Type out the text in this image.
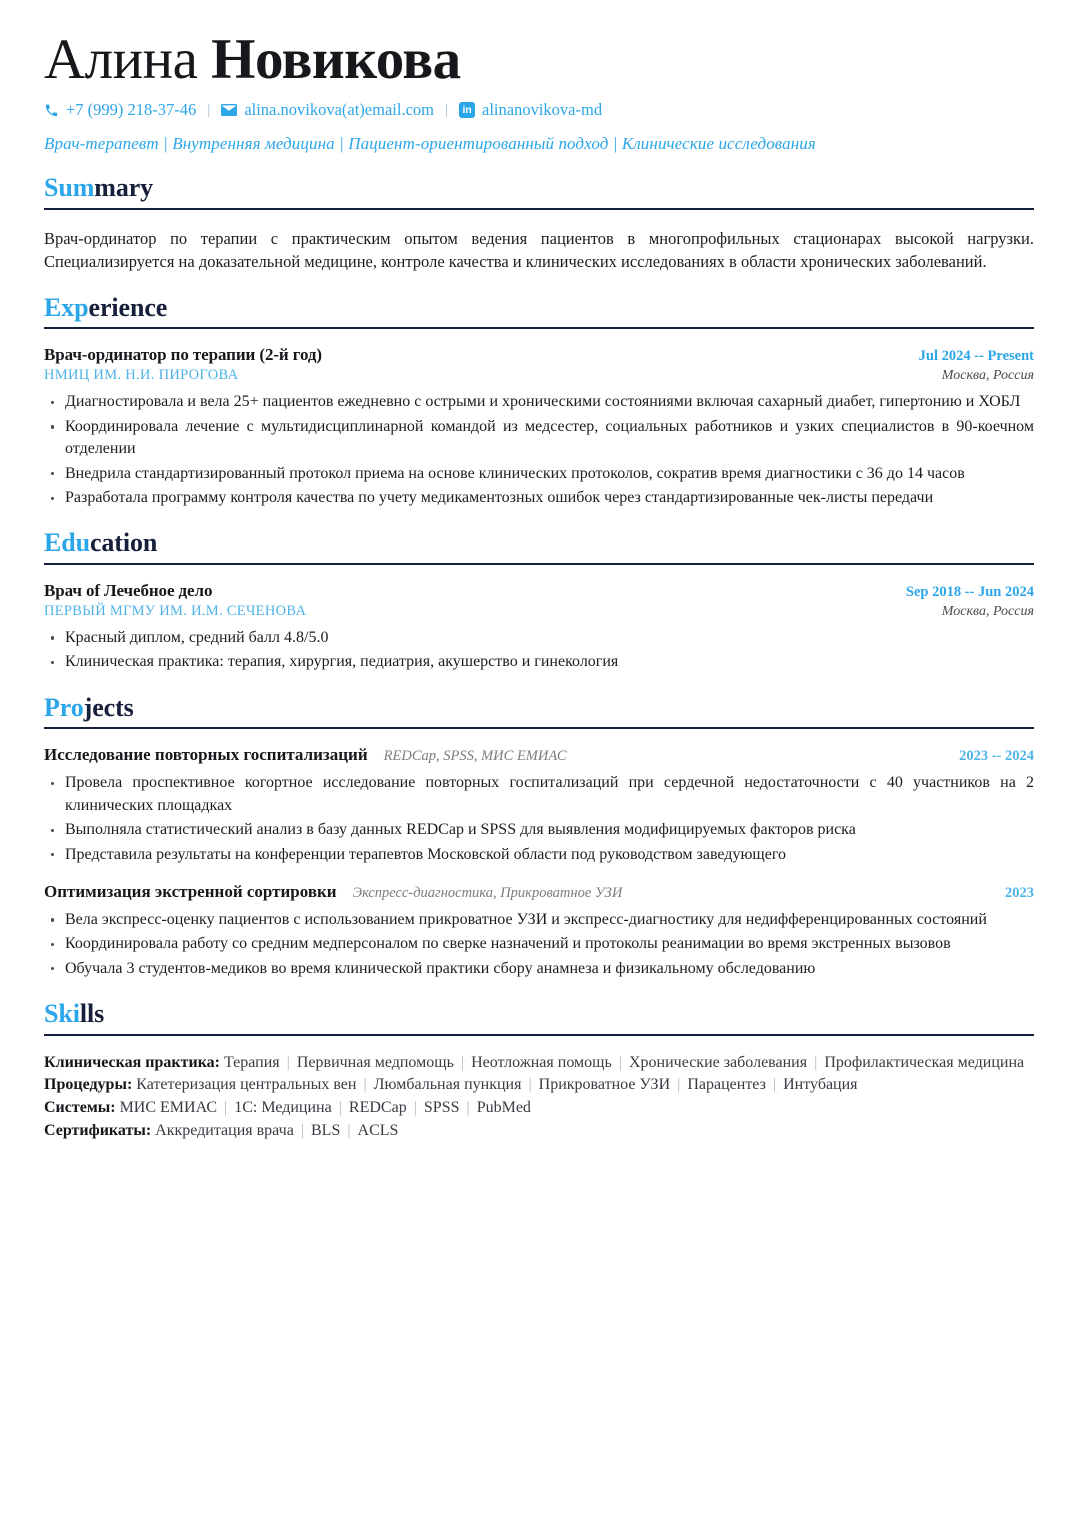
Алина Новикова
+7 (999) 218-37-46 | alina.novikova(at)email.com |	in alinanovikova-md
Врач-терапевт | Внутренняя медицина | Пациент-ориентированный подход | Клинические исследования
Summary
Врач-ординатор по терапии с практическим опытом ведения пациентов в многопрофильных стационарах высокой нагрузки. Специализируется на доказательной медицине, контроле качества и клинических исследованиях в области хронических заболеваний.
Experience
Врач-ординатор по терапии (2-й год)	Jul 2024 -- Present
НМИЦ ИМ. Н.И. ПИРОГОВА	Москва, Россия
Диагностировала и вела 25+ пациентов ежедневно с острыми и хроническими состояниями включая сахарный диабет, гипертонию и ХОБЛ
Координировала лечение с мультидисциплинарной командой из медсестер, социальных работников и узких специалистов в 90-коечном отделении
Внедрила стандартизированный протокол приема на основе клинических протоколов, сократив время диагностики с 36 до 14 часов
Разработала программу контроля качества по учету медикаментозных ошибок через стандартизированные чек-листы передачи
Education
Врач of Лечебное дело	Sep 2018 -- Jun 2024
ПЕРВЫЙ МГМУ ИМ. И.М. СЕЧЕНОВА	Москва, Россия
Красный диплом, средний балл 4.8/5.0
Клиническая практика: терапия, хирургия, педиатрия, акушерство и гинекология
Projects
Исследование повторных госпитализаций REDCap, SPSS, МИС ЕМИАС	2023 -- 2024
Провела проспективное когортное исследование повторных госпитализаций при сердечной недостаточности с 40 участников на 2 клинических площадках
Выполняла статистический анализ в базу данных REDCap и SPSS для выявления модифицируемых факторов риска
Представила результаты на конференции терапевтов Московской области под руководством заведующего
Оптимизация экстренной сортировки Экспресс-диагностика, Прикроватное УЗИ	2023
Вела экспресс-оценку пациентов с использованием прикроватное УЗИ и экспресс-диагностику для недифференцированных состояний
Координировала работу со средним медперсоналом по сверке назначений и протоколы реанимации во время экстренных вызовов
Обучала 3 студентов-медиков во время клинической практики сбору анамнеза и физикальному обследованию
Skills
Клиническая практика: Терапия | Первичная медпомощь | Неотложная помощь | Хронические заболевания | Профилактическая медицина
Процедуры: Катетеризация центральных вен | Люмбальная пункция | Прикроватное УЗИ | Парацентез | Интубация
Системы: МИС ЕМИАС | 1С: Медицина | REDCap | SPSS | PubMed
Сертификаты: Аккредитация врача | BLS | ACLS
